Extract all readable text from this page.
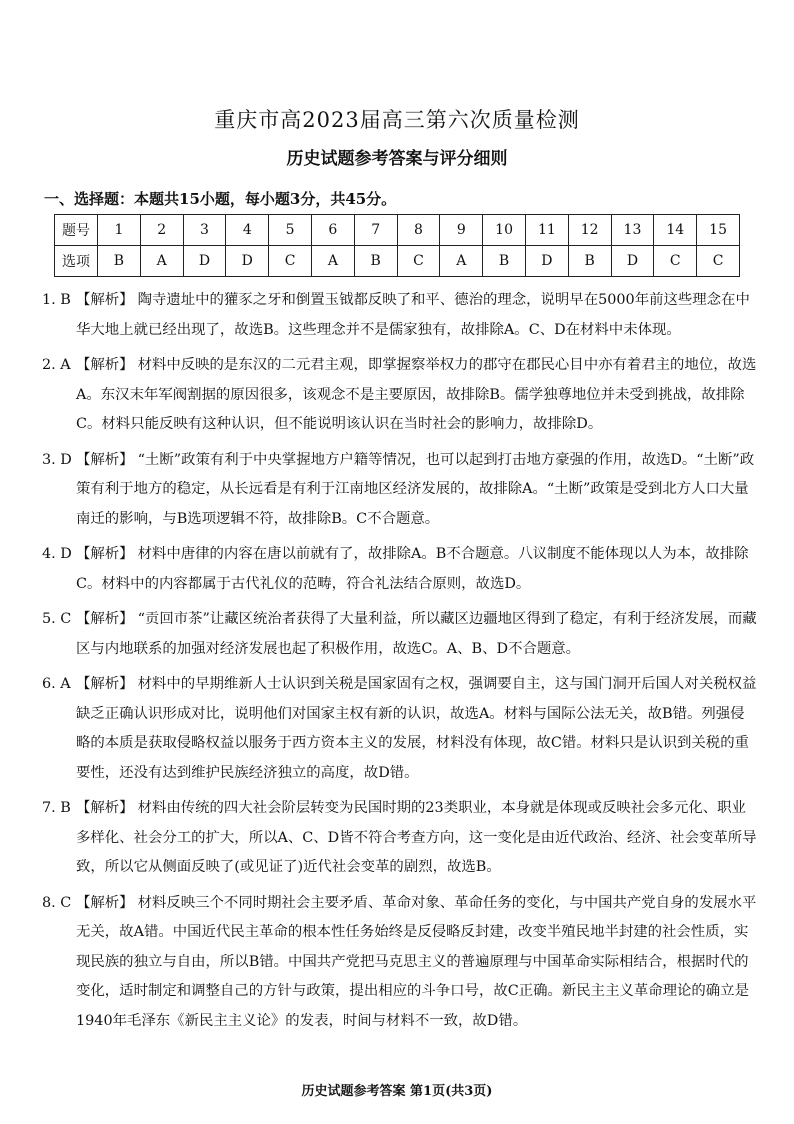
重庆市高2023届高三第六次质量检测
历史试题参考答案与评分细则
一、选择题：本题共15小题，每小题3分，共45分。
题号	1	2	3	4	5	6	7	8	9	10	11	12	13	14	15
选项	B	A	D	D	C	A	B	C	A	B	D	B	D	C	C
1. B 【解析】 陶寺遗址中的獾豕之牙和倒置玉钺都反映了和平、德治的理念，说明早在5000年前这些理念在中华大地上就已经出现了，故选B。这些理念并不是儒家独有，故排除A。C、D在材料中未体现。
2. A 【解析】 材料中反映的是东汉的二元君主观，即掌握察举权力的郡守在郡民心目中亦有着君主的地位，故选A。东汉末年军阀割据的原因很多，该观念不是主要原因，故排除B。儒学独尊地位并未受到挑战，故排除C。材料只能反映有这种认识，但不能说明该认识在当时社会的影响力，故排除D。
3. D 【解析】 “土断”政策有利于中央掌握地方户籍等情况，也可以起到打击地方豪强的作用，故选D。“土断”政策有利于地方的稳定，从长远看是有利于江南地区经济发展的，故排除A。“土断”政策是受到北方人口大量南迁的影响，与B选项逻辑不符，故排除B。C不合题意。
4. D 【解析】 材料中唐律的内容在唐以前就有了，故排除A。B不合题意。八议制度不能体现以人为本，故排除C。材料中的内容都属于古代礼仪的范畴，符合礼法结合原则，故选D。
5. C 【解析】 “贡回市茶”让藏区统治者获得了大量利益，所以藏区边疆地区得到了稳定，有利于经济发展，而藏区与内地联系的加强对经济发展也起了积极作用，故选C。A、B、D不合题意。
6. A 【解析】 材料中的早期维新人士认识到关税是国家固有之权，强调要自主，这与国门洞开后国人对关税权益缺乏正确认识形成对比，说明他们对国家主权有新的认识，故选A。材料与国际公法无关，故B错。列强侵略的本质是获取侵略权益以服务于西方资本主义的发展，材料没有体现，故C错。材料只是认识到关税的重要性，还没有达到维护民族经济独立的高度，故D错。
7. B 【解析】 材料由传统的四大社会阶层转变为民国时期的23类职业，本身就是体现或反映社会多元化、职业多样化、社会分工的扩大，所以A、C、D皆不符合考查方向，这一变化是由近代政治、经济、社会变革所导致，所以它从侧面反映了(或见证了)近代社会变革的剧烈，故选B。
8. C 【解析】 材料反映三个不同时期社会主要矛盾、革命对象、革命任务的变化，与中国共产党自身的发展水平无关，故A错。中国近代民主革命的根本性任务始终是反侵略反封建，改变半殖民地半封建的社会性质，实现民族的独立与自由，所以B错。中国共产党把马克思主义的普遍原理与中国革命实际相结合，根据时代的变化，适时制定和调整自己的方针与政策，提出相应的斗争口号，故C正确。新民主主义革命理论的确立是1940年毛泽东《新民主主义论》的发表，时间与材料不一致，故D错。
历史试题参考答案 第1页(共3页)
